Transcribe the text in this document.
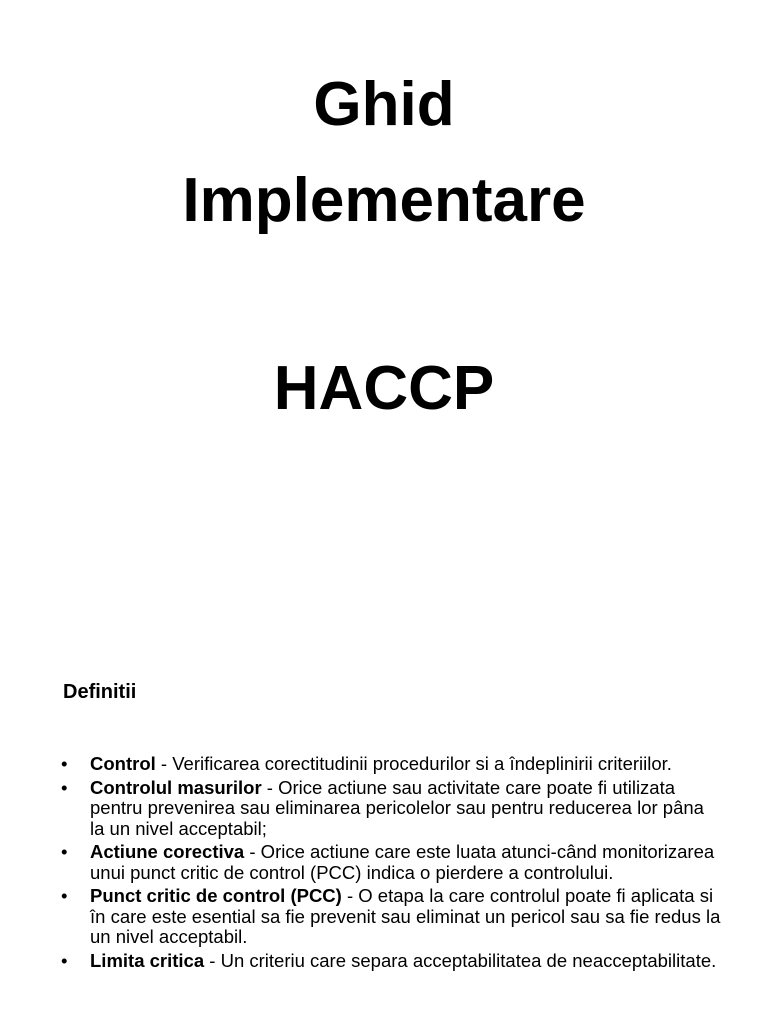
Ghid
Implementare
HACCP
Definitii
• Control - Verificarea corectitudinii procedurilor si a îndeplinirii criteriilor.
• Controlul masurilor - Orice actiune sau activitate care poate fi utilizata pentru prevenirea sau eliminarea pericolelor sau pentru reducerea lor pâna la un nivel acceptabil;
• Actiune corectiva - Orice actiune care este luata atunci-când monitorizarea unui punct critic de control (PCC) indica o pierdere a controlului.
• Punct critic de control (PCC) - O etapa la care controlul poate fi aplicata si în care este esential sa fie prevenit sau eliminat un pericol sau sa fie redus la un nivel acceptabil.
• Limita critica - Un criteriu care separa acceptabilitatea de neacceptabilitate.
